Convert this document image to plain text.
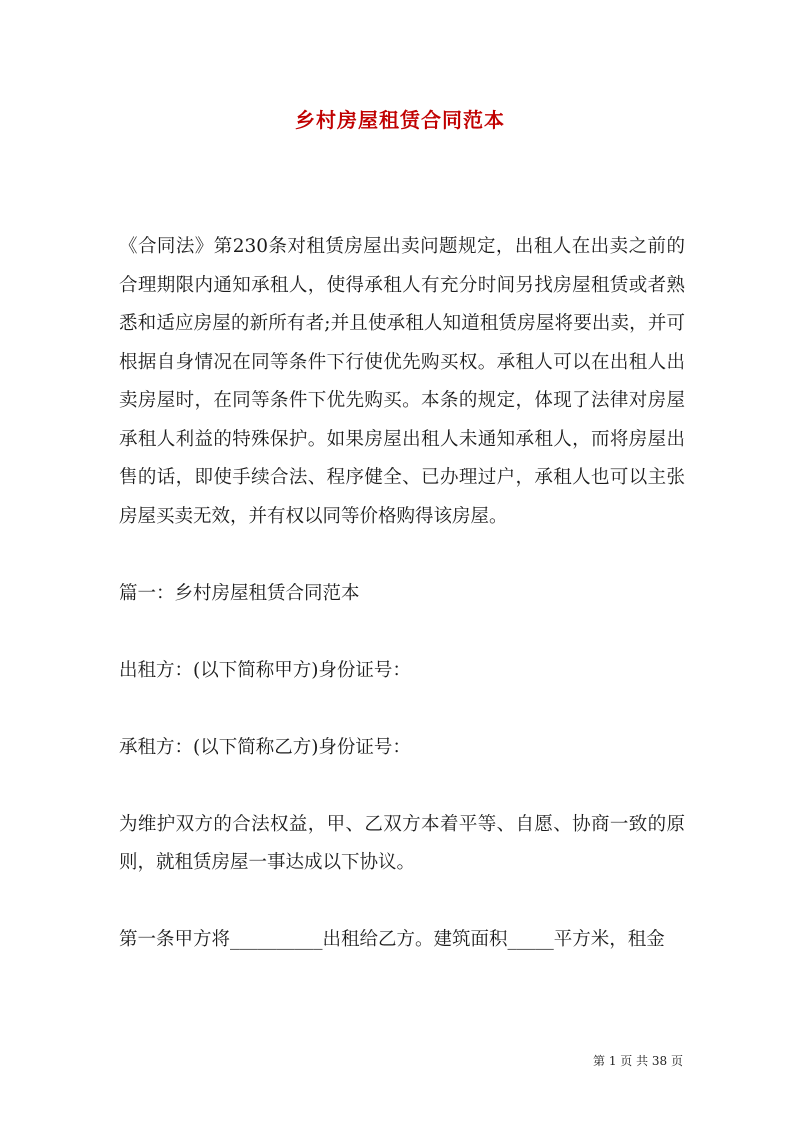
乡村房屋租赁合同范本

《合同法》第230条对租赁房屋出卖问题规定，出租人在出卖之前的合理期限内通知承租人，使得承租人有充分时间另找房屋租赁或者熟悉和适应房屋的新所有者;并且使承租人知道租赁房屋将要出卖，并可根据自身情况在同等条件下行使优先购买权。承租人可以在出租人出卖房屋时，在同等条件下优先购买。本条的规定，体现了法律对房屋承租人利益的特殊保护。如果房屋出租人未通知承租人，而将房屋出售的话，即使手续合法、程序健全、已办理过户，承租人也可以主张房屋买卖无效，并有权以同等价格购得该房屋。

篇一：乡村房屋租赁合同范本

出租方：(以下简称甲方)身份证号：

承租方：(以下简称乙方)身份证号：

为维护双方的合法权益，甲、乙双方本着平等、自愿、协商一致的原则，就租赁房屋一事达成以下协议。

第一条甲方将__________出租给乙方。建筑面积_____平方米，租金

第 1 页 共 38 页
